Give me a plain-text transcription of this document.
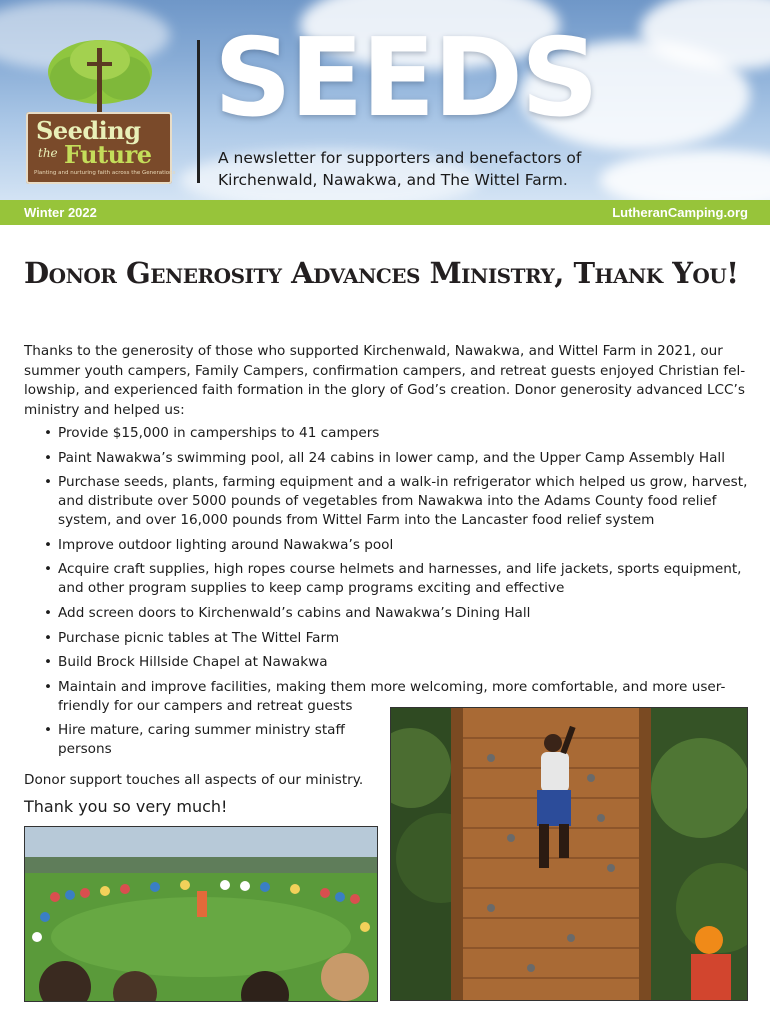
Seeding
the Future
Planting and nurturing faith across the Generations
SEEDS

A newsletter for supporters and benefactors of Kirchenwald, Nawakwa, and The Wittel Farm.

Winter 2022	LutheranCamping.org
Donor Generosity Advances Ministry, Thank You!

Thanks to the generosity of those who supported Kirchenwald, Nawakwa, and Wittel Farm in 2021, our summer youth campers, Family Campers, confirmation campers, and retreat guests enjoyed Christian fel-lowship, and experienced faith formation in the glory of God’s creation. Donor generosity advanced LCC’s ministry and helped us:

• Provide $15,000 in camperships to 41 campers
• Paint Nawakwa’s swimming pool, all 24 cabins in lower camp, and the Upper Camp Assembly Hall
• Purchase seeds, plants, farming equipment and a walk-in refrigerator which helped us grow, harvest, and distribute over 5000 pounds of vegetables from Nawakwa into the Adams County food relief system, and over 16,000 pounds from Wittel Farm into the Lancaster food relief system
• Improve outdoor lighting around Nawakwa’s pool
• Acquire craft supplies, high ropes course helmets and harnesses, and life jackets, sports equipment, and other program supplies to keep camp programs exciting and effective
• Add screen doors to Kirchenwald’s cabins and Nawakwa’s Dining Hall
• Purchase picnic tables at The Wittel Farm
• Build Brock Hillside Chapel at Nawakwa
• Maintain and improve facilities, making them more welcoming, more comfortable, and more user-friendly for our campers and retreat guests
• Hire mature, caring summer ministry staff persons

Donor support touches all aspects of our ministry.

Thank you so very much!
